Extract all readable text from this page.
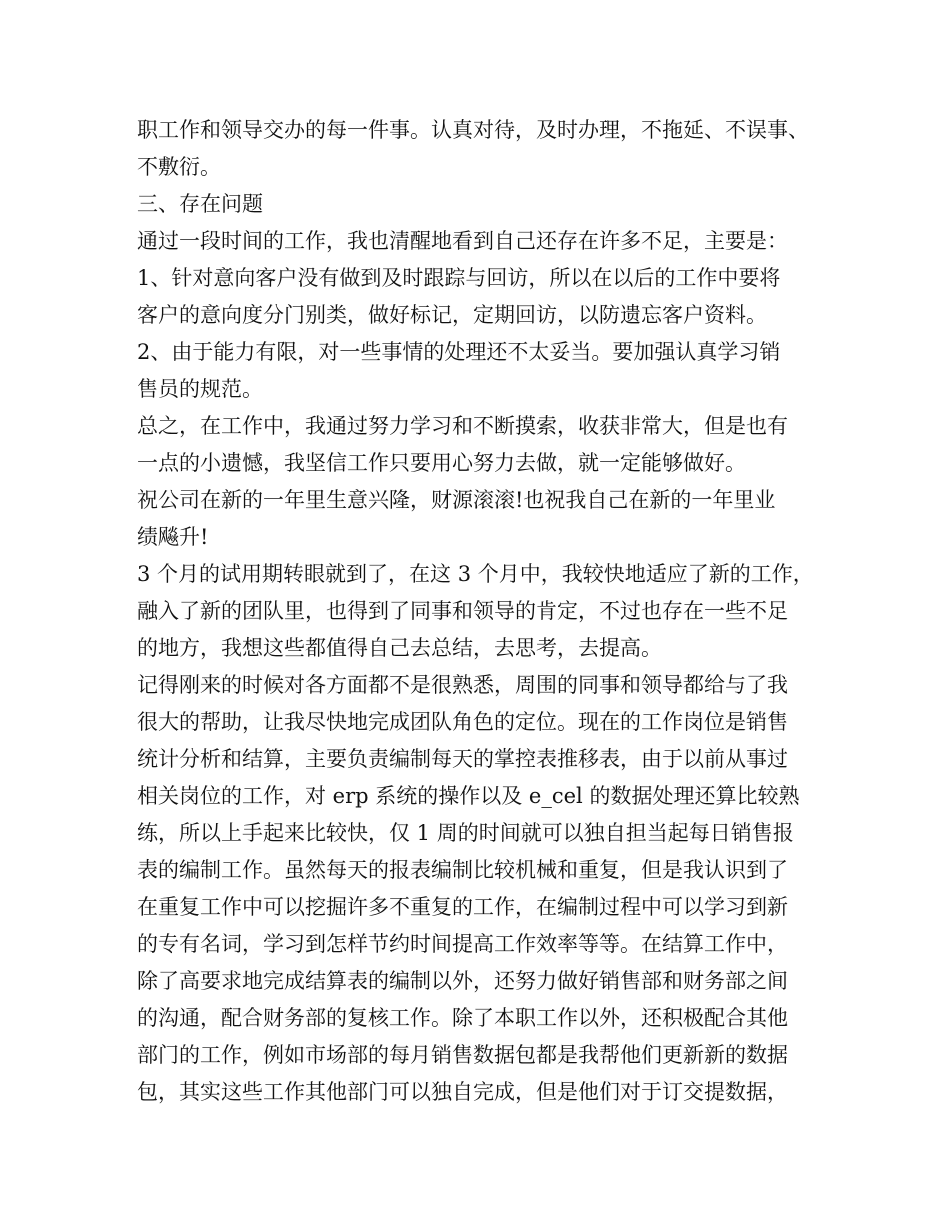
职工作和领导交办的每一件事。认真对待，及时办理，不拖延、不误事、
不敷衍。
三、存在问题
通过一段时间的工作，我也清醒地看到自己还存在许多不足，主要是：
1、针对意向客户没有做到及时跟踪与回访，所以在以后的工作中要将
客户的意向度分门别类，做好标记，定期回访，以防遗忘客户资料。
2、由于能力有限，对一些事情的处理还不太妥当。要加强认真学习销
售员的规范。
总之，在工作中，我通过努力学习和不断摸索，收获非常大，但是也有
一点的小遗憾，我坚信工作只要用心努力去做，就一定能够做好。
祝公司在新的一年里生意兴隆，财源滚滚!也祝我自己在新的一年里业
绩飚升!
3 个月的试用期转眼就到了，在这 3 个月中，我较快地适应了新的工作，
融入了新的团队里，也得到了同事和领导的肯定，不过也存在一些不足
的地方，我想这些都值得自己去总结，去思考，去提高。
记得刚来的时候对各方面都不是很熟悉，周围的同事和领导都给与了我
很大的帮助，让我尽快地完成团队角色的定位。现在的工作岗位是销售
统计分析和结算，主要负责编制每天的掌控表推移表，由于以前从事过
相关岗位的工作，对 erp 系统的操作以及 e_cel 的数据处理还算比较熟
练，所以上手起来比较快，仅 1 周的时间就可以独自担当起每日销售报
表的编制工作。虽然每天的报表编制比较机械和重复，但是我认识到了
在重复工作中可以挖掘许多不重复的工作，在编制过程中可以学习到新
的专有名词，学习到怎样节约时间提高工作效率等等。在结算工作中，
除了高要求地完成结算表的编制以外，还努力做好销售部和财务部之间
的沟通，配合财务部的复核工作。除了本职工作以外，还积极配合其他
部门的工作，例如市场部的每月销售数据包都是我帮他们更新新的数据
包，其实这些工作其他部门可以独自完成，但是他们对于订交提数据，
